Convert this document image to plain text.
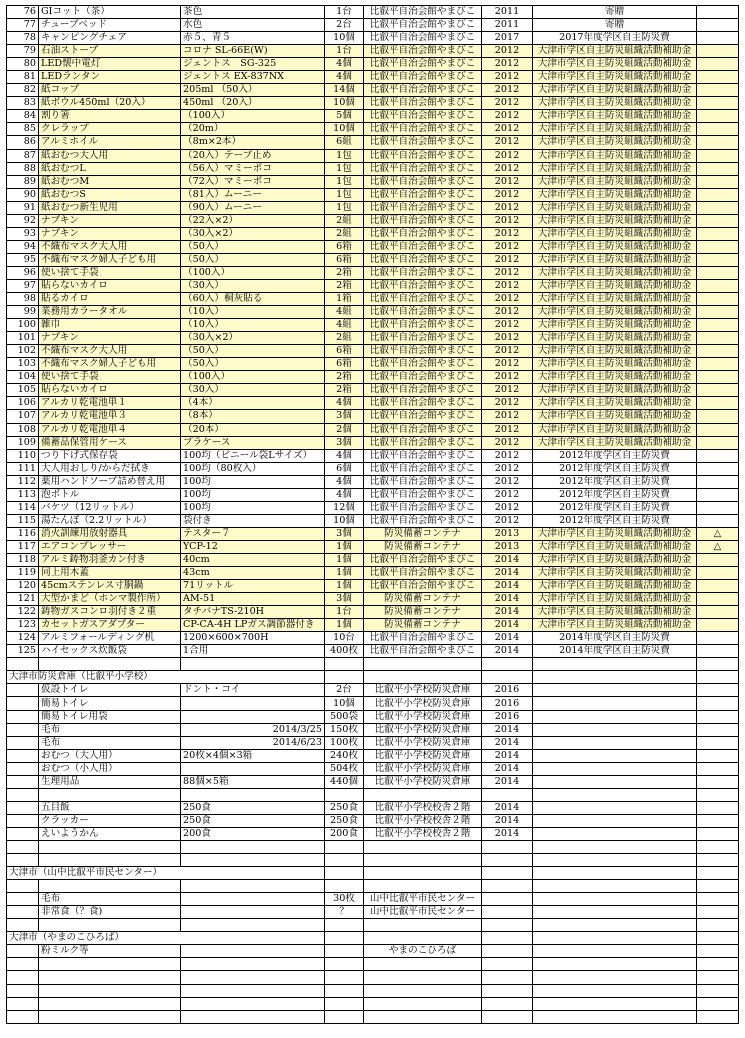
76	GIコット（茶）	茶色	1台	比叡平自治会館やまびこ	2011	寄贈	
77	チューブベッド	水色	2台	比叡平自治会館やまびこ	2011	寄贈	
78	キャンピングチェア	赤５、青５	10個	比叡平自治会館やまびこ	2017	2017年度学区自主防災費	
79	石油ストーブ	コロナ SL-66E(W)	1台	比叡平自治会館やまびこ	2012	大津市学区自主防災組織活動補助金	
80	LED懐中電灯	ジェントス　SG-325	4個	比叡平自治会館やまびこ	2012	大津市学区自主防災組織活動補助金	
81	LEDランタン	ジェントス EX-837NX	4個	比叡平自治会館やまびこ	2012	大津市学区自主防災組織活動補助金	
82	紙コップ	205ml （50入）	14個	比叡平自治会館やまびこ	2012	大津市学区自主防災組織活動補助金	
83	紙ボウル450ml（20入）	450ml （20入）	10個	比叡平自治会館やまびこ	2012	大津市学区自主防災組織活動補助金	
84	割り箸	（100入）	5個	比叡平自治会館やまびこ	2012	大津市学区自主防災組織活動補助金	
85	クレラップ	（20m）	10個	比叡平自治会館やまびこ	2012	大津市学区自主防災組織活動補助金	
86	アルミホイル	（8m×2本）	6組	比叡平自治会館やまびこ	2012	大津市学区自主防災組織活動補助金	
87	紙おむつ大人用	（20入）テープ止め	1包	比叡平自治会館やまびこ	2012	大津市学区自主防災組織活動補助金	
88	紙おむつL	（56入）マミーポコ	1包	比叡平自治会館やまびこ	2012	大津市学区自主防災組織活動補助金	
89	紙おむつM	（72入）マミーポコ	1包	比叡平自治会館やまびこ	2012	大津市学区自主防災組織活動補助金	
90	紙おむつS	（81入）ムーニー	1包	比叡平自治会館やまびこ	2012	大津市学区自主防災組織活動補助金	
91	紙おむつ新生児用	（90入）ムーニー	1包	比叡平自治会館やまびこ	2012	大津市学区自主防災組織活動補助金	
92	ナプキン	（22入×2）	2組	比叡平自治会館やまびこ	2012	大津市学区自主防災組織活動補助金	
93	ナプキン	（30入×2）	2組	比叡平自治会館やまびこ	2012	大津市学区自主防災組織活動補助金	
94	不織布マスク大人用	（50入）	6箱	比叡平自治会館やまびこ	2012	大津市学区自主防災組織活動補助金	
95	不織布マスク婦人子ども用	（50入）	6箱	比叡平自治会館やまびこ	2012	大津市学区自主防災組織活動補助金	
96	使い捨て手袋	（100入）	2箱	比叡平自治会館やまびこ	2012	大津市学区自主防災組織活動補助金	
97	貼らないカイロ	（30入）	2箱	比叡平自治会館やまびこ	2012	大津市学区自主防災組織活動補助金	
98	貼るカイロ	（60入）桐灰貼る	1箱	比叡平自治会館やまびこ	2012	大津市学区自主防災組織活動補助金	
99	業務用カラータオル	（10入）	4組	比叡平自治会館やまびこ	2012	大津市学区自主防災組織活動補助金	
100	雑巾	（10入）	4組	比叡平自治会館やまびこ	2012	大津市学区自主防災組織活動補助金	
101	ナプキン	（30入×2）	2組	比叡平自治会館やまびこ	2012	大津市学区自主防災組織活動補助金	
102	不織布マスク大人用	（50入）	6箱	比叡平自治会館やまびこ	2012	大津市学区自主防災組織活動補助金	
103	不織布マスク婦人子ども用	（50入）	6箱	比叡平自治会館やまびこ	2012	大津市学区自主防災組織活動補助金	
104	使い捨て手袋	（100入）	2箱	比叡平自治会館やまびこ	2012	大津市学区自主防災組織活動補助金	
105	貼らないカイロ	（30入）	2箱	比叡平自治会館やまびこ	2012	大津市学区自主防災組織活動補助金	
106	アルカリ乾電池単１	（4本）	4個	比叡平自治会館やまびこ	2012	大津市学区自主防災組織活動補助金	
107	アルカリ乾電池単３	（8本）	3個	比叡平自治会館やまびこ	2012	大津市学区自主防災組織活動補助金	
108	アルカリ乾電池単４	（20本）	2個	比叡平自治会館やまびこ	2012	大津市学区自主防災組織活動補助金	
109	備蓄品保管用ケース	プラケース	3個	比叡平自治会館やまびこ	2012	大津市学区自主防災組織活動補助金	
110	つり下げ式保存袋	100均（ビニール袋Lサイズ）	4個	比叡平自治会館やまびこ	2012	2012年度学区自主防災費	
111	大人用おしり/からだ拭き	100均（80枚入）	6個	比叡平自治会館やまびこ	2012	2012年度学区自主防災費	
112	薬用ハンドソープ詰め替え用	100均	4個	比叡平自治会館やまびこ	2012	2012年度学区自主防災費	
113	泡ボトル	100均	4個	比叡平自治会館やまびこ	2012	2012年度学区自主防災費	
114	バケツ（12リットル）	100均	12個	比叡平自治会館やまびこ	2012	2012年度学区自主防災費	
115	湯たんぽ（2.2リットル）	袋付き	10個	比叡平自治会館やまびこ	2012	2012年度学区自主防災費	
116	消火訓練用放射器具	テスター７	3個	防災備蓄コンテナ	2013	大津市学区自主防災組織活動補助金	△
117	エアコンプレッサー	YCP-12	1個	防災備蓄コンテナ	2013	大津市学区自主防災組織活動補助金	△
118	アルミ鋳物羽釜カン付き	40cm	1個	比叡平自治会館やまびこ	2014	大津市学区自主防災組織活動補助金	
119	同上用木蓋	43cm	1個	比叡平自治会館やまびこ	2014	大津市学区自主防災組織活動補助金	
120	45cmステンレス寸胴鍋	71リットル	1個	比叡平自治会館やまびこ	2014	大津市学区自主防災組織活動補助金	
121	大型かまど（ホンマ製作所）	AM-51	3個	防災備蓄コンテナ	2014	大津市学区自主防災組織活動補助金	
122	鋳物ガスコンロ羽付き２重	タチバナTS-210H	1台	防災備蓄コンテナ	2014	大津市学区自主防災組織活動補助金	
123	カセットガスアダプター	CP-CA-4H LPガス調節器付き	1個	防災備蓄コンテナ	2014	大津市学区自主防災組織活動補助金	
124	アルミフォールディング机	1200×600×700H	10台	比叡平自治会館やまびこ	2014	2014年度学区自主防災費	
125	ハイセックス炊飯袋	1合用	400枚	比叡平自治会館やまびこ	2014	2014年度学区自主防災費	

大津市防災倉庫（比叡平小学校）							
	仮設トイレ	ドント・コイ	2台	比叡平小学校防災倉庫	2016		
	簡易トイレ		10個	比叡平小学校防災倉庫	2016		
	簡易トイレ用袋		500袋	比叡平小学校防災倉庫	2016		
	毛布	2014/3/25	150枚	比叡平小学校防災倉庫	2014		
	毛布	2014/6/23	100枚	比叡平小学校防災倉庫	2014		
	おむつ（大人用）	20枚×4個×3箱	240枚	比叡平小学校防災倉庫	2014		
	おむつ（小人用）		504枚	比叡平小学校防災倉庫	2014		
	生理用品	88個×5箱	440個	比叡平小学校防災倉庫	2014		

	五目飯	250食	250食	比叡平小学校校舎２階	2014		
	クラッカー	250食	250食	比叡平小学校校舎２階	2014		
	えいようかん	200食	200食	比叡平小学校校舎２階	2014		

大津市（山中比叡平市民センター）							

	毛布		30枚	山中比叡平市民センター			
	非常食（？食)		？	山中比叡平市民センター			

大津市（やまのこひろば）							
	粉ミルク等			やまのこひろば			
